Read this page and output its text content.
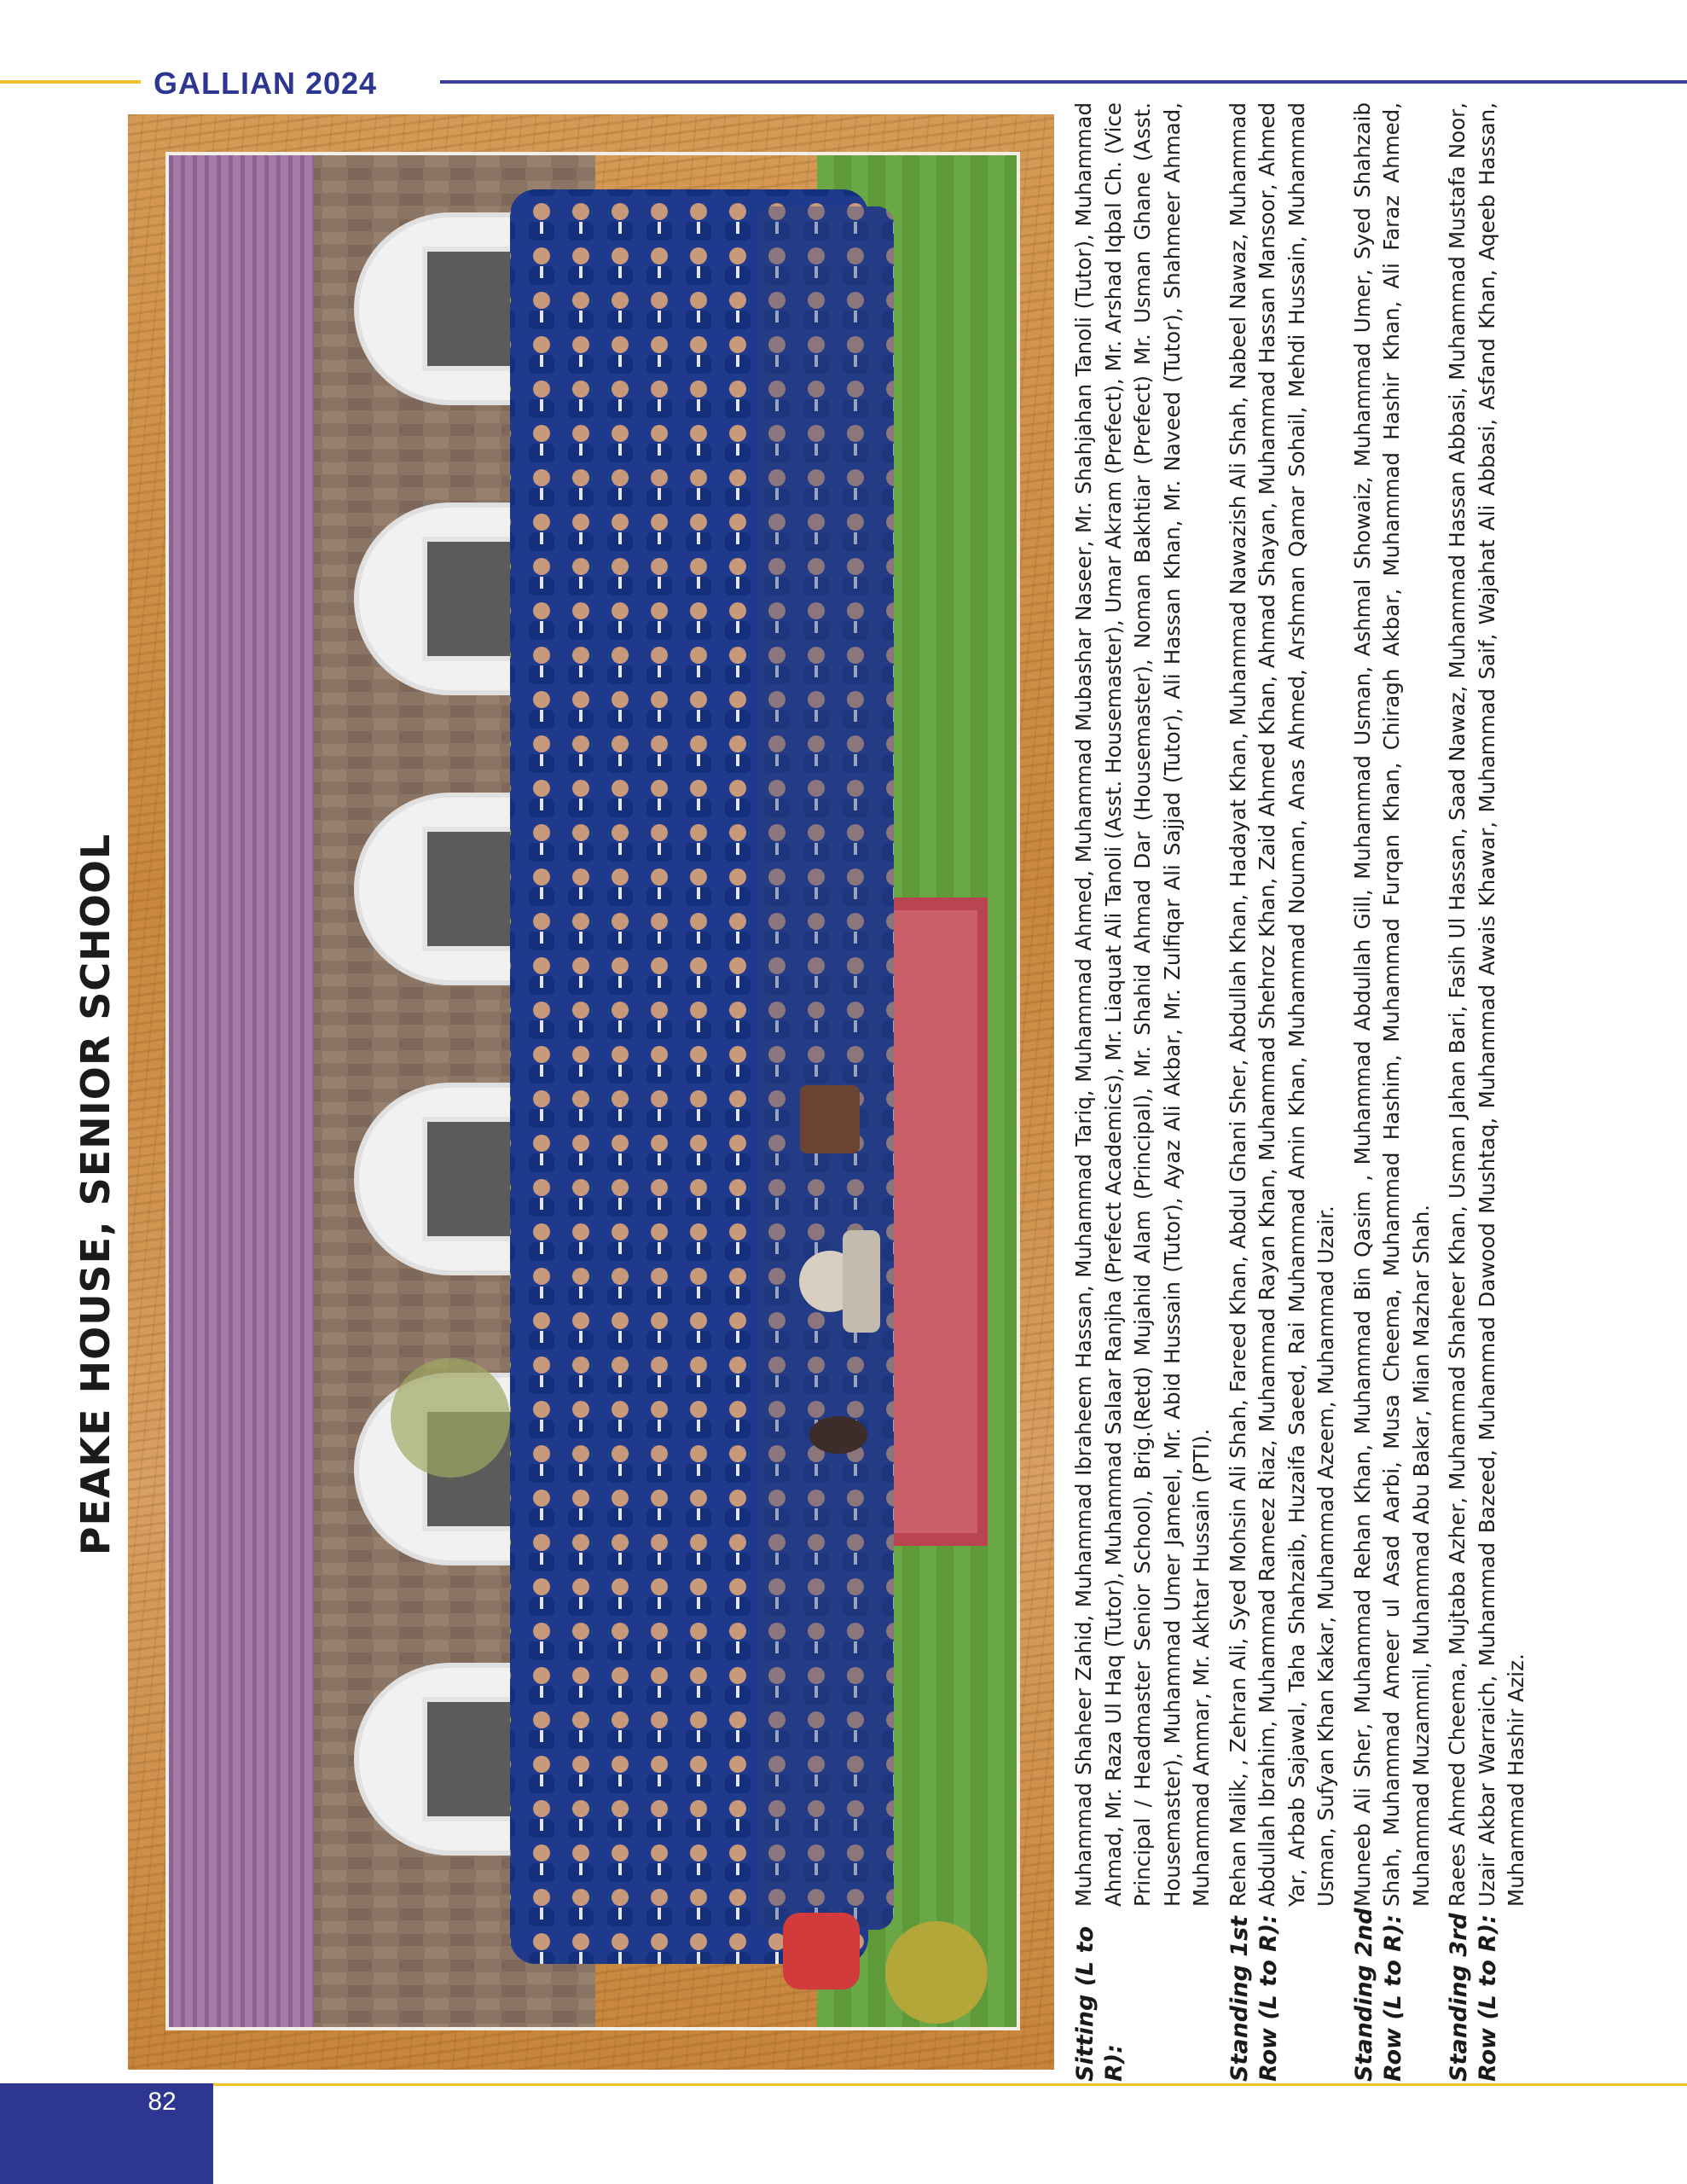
GALLIAN 2024
PEAKE HOUSE, SENIOR SCHOOL
Sitting (L to R):
Muhammad Shaheer Zahid, Muhammad Ibraheem Hassan, Muhammad Tariq, Muhammad Ahmed, Muhammad Mubashar Naseer, Mr. Shahjahan Tanoli (Tutor), Muhammad Ahmad, Mr. Raza Ul Haq (Tutor), Muhammad Salaar Ranjha (Prefect Academics), Mr. Liaquat Ali Tanoli (Asst. Housemaster), Umar Akram (Prefect), Mr. Arshad Iqbal Ch. (Vice Principal / Headmaster Senior School), Brig.(Retd) Mujahid Alam (Principal), Mr. Shahid Ahmad Dar (Housemaster), Noman Bakhtiar (Prefect) Mr. Usman Ghane (Asst. Housemaster), Muhammad Umer Jameel, Mr. Abid Hussain (Tutor), Ayaz Ali Akbar, Mr. Zulfiqar Ali Sajjad (Tutor), Ali Hassan Khan, Mr. Naveed (Tutor), Shahmeer Ahmad, Muhammad Ammar, Mr. Akhtar Hussain (PTI).
Standing 1st Row (L to R):
Rehan Malik, , Zehran Ali, Syed Mohsin Ali Shah, Fareed Khan, Abdul Ghani Sher, Abdullah Khan, Hadayat Khan, Muhammad Nawazish Ali Shah, Nabeel Nawaz, Muhammad Abdullah Ibrahim, Muhammad Rameez Riaz, Muhammad Rayan Khan, Muhammad Shehroz Khan, Zaid Ahmed Khan, Ahmad Shayan, Muhammad Hassan Mansoor, Ahmed Yar, Arbab Sajawal, Taha Shahzaib, Huzaifa Saeed, Rai Muhammad Amin Khan, Muhammad Nouman, Anas Ahmed, Arshman Qamar Sohail, Mehdi Hussain, Muhammad Usman, Sufyan Khan Kakar, Muhammad Azeem, Muhammad Uzair.
Standing 2nd Row (L to R):
Muneeb Ali Sher, Muhammad Rehan Khan, Muhammad Bin Qasim , Muhammad Abdullah Gill, Muhammad Usman, Ashmal Showaiz, Muhammad Umer, Syed Shahzaib Shah, Muhammad Ameer ul Asad Aarbi, Musa Cheema, Muhammad Hashim, Muhammad Furqan Khan, Chiragh Akbar, Muhammad Hashir Khan, Ali Faraz Ahmed, Muhammad Muzammil, Muhammad Abu Bakar, Mian Mazhar Shah.
Standing 3rd Row (L to R):
Raees Ahmed Cheema, Mujtaba Azher, Muhammad Shaheer Khan, Usman Jahan Bari, Fasih Ul Hassan, Saad Nawaz, Muhammad Hassan Abbasi, Muhammad Mustafa Noor, Uzair Akbar Warraich, Muhammad Bazeed, Muhammad Dawood Mushtaq, Muhammad Awais Khawar, Muhammad Saif, Wajahat Ali Abbasi, Asfand Khan, Aqeeb Hassan, Muhammad Hashir Aziz.
82
